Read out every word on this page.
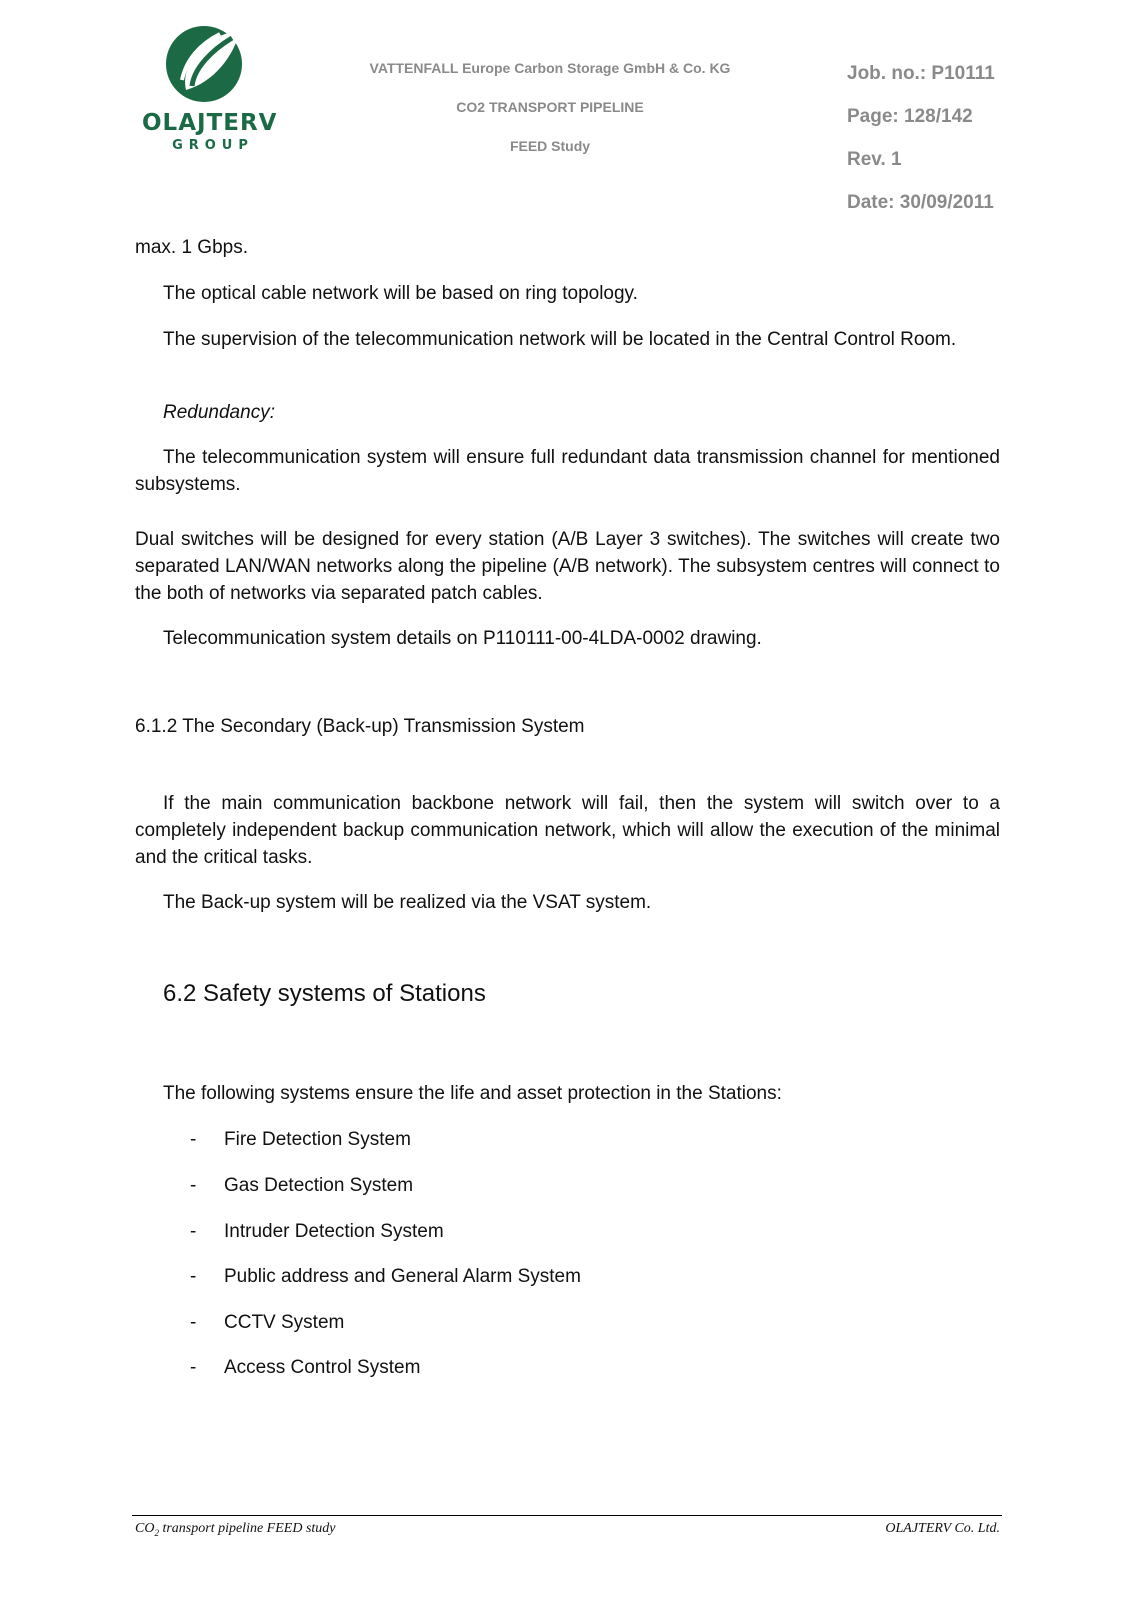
OLAJTERV
GROUP
VATTENFALL Europe Carbon Storage GmbH & Co. KG
CO2 TRANSPORT PIPELINE
FEED Study
Job. no.: P10111
Page: 128/142
Rev. 1
Date: 30/09/2011

max. 1 Gbps.

The optical cable network will be based on ring topology.

The supervision of the telecommunication network will be located in the Central Control Room.

Redundancy:

The telecommunication system will ensure full redundant data transmission channel for mentioned subsystems.

Dual switches will be designed for every station (A/B Layer 3 switches). The switches will create two separated LAN/WAN networks along the pipeline (A/B network). The subsystem centres will connect to the both of networks via separated patch cables.

Telecommunication system details on P110111-00-4LDA-0002 drawing.

6.1.2 The Secondary (Back-up) Transmission System

If the main communication backbone network will fail, then the system will switch over to a completely independent backup communication network, which will allow the execution of the minimal and the critical tasks.

The Back-up system will be realized via the VSAT system.

6.2 Safety systems of Stations

The following systems ensure the life and asset protection in the Stations:

- Fire Detection System
- Gas Detection System
- Intruder Detection System
- Public address and General Alarm System
- CCTV System
- Access Control System
$CO_2$ transport pipeline FEED study	OLAJTERV Co. Ltd.
